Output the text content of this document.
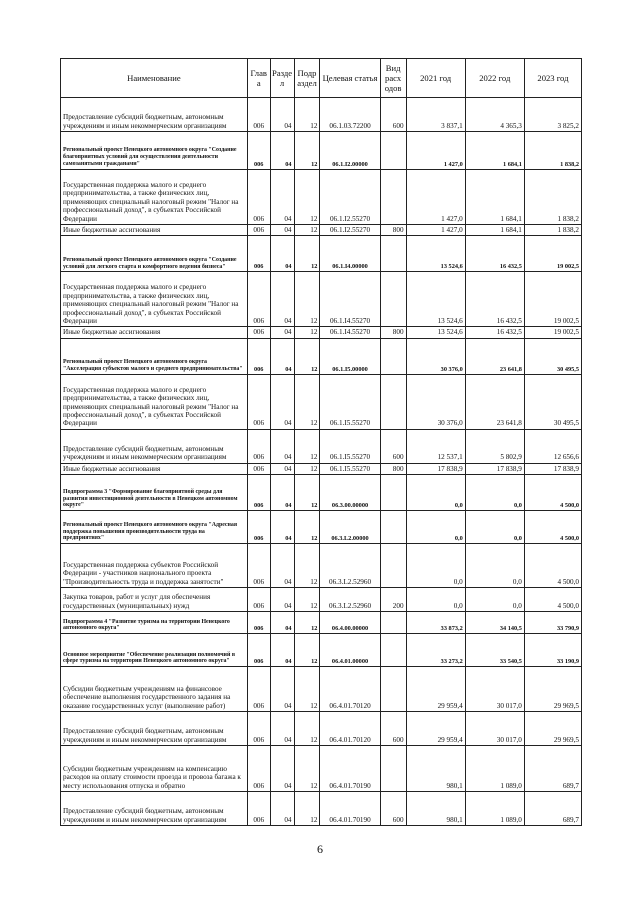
Наименование	Глав а	Разде л	Подр аздел	Целевая статья	Вид расх одов	2021 год	2022 год	2023 год
Предоставление субсидий бюджетным, автономным учреждениям и иным некоммерческим организациям	006	04	12	06.1.03.72200	600	3 837,1	4 365,3	3 825,2
Региональный проект Ненецкого автономного округа "Создание благоприятных условий для осуществления деятельности самозанятыми гражданами"	006	04	12	06.1.I2.00000		1 427,0	1 684,1	1 838,2
Государственная поддержка малого и среднего предпринимательства, а также физических лиц, применяющих специальный налоговый режим "Налог на профессиональный доход", в субъектах Российской Федерации	006	04	12	06.1.I2.55270		1 427,0	1 684,1	1 838,2
Иные бюджетные ассигнования	006	04	12	06.1.I2.55270	800	1 427,0	1 684,1	1 838,2
Региональный проект Ненецкого автономного округа "Создание условий для легкого старта и комфортного ведения бизнеса"	006	04	12	06.1.I4.00000		13 524,6	16 432,5	19 002,5
Государственная поддержка малого и среднего предпринимательства, а также физических лиц, применяющих специальный налоговый режим "Налог на профессиональный доход", в субъектах Российской Федерации	006	04	12	06.1.I4.55270		13 524,6	16 432,5	19 002,5
Иные бюджетные ассигнования	006	04	12	06.1.I4.55270	800	13 524,6	16 432,5	19 002,5
Региональный проект Ненецкого автономного округа "Акселерация субъектов малого и среднего предпринимательства"	006	04	12	06.1.I5.00000		30 376,0	23 641,8	30 495,5
Государственная поддержка малого и среднего предпринимательства, а также физических лиц, применяющих специальный налоговый режим "Налог на профессиональный доход", в субъектах Российской Федерации	006	04	12	06.1.I5.55270		30 376,0	23 641,8	30 495,5
Предоставление субсидий бюджетным, автономным учреждениям и иным некоммерческим организациям	006	04	12	06.1.I5.55270	600	12 537,1	5 802,9	12 656,6
Иные бюджетные ассигнования	006	04	12	06.1.I5.55270	800	17 838,9	17 838,9	17 838,9
Подпрограмма 3 "Формирование благоприятной среды для развития инвестиционной деятельности в Ненецком автономном округе"	006	04	12	06.3.00.00000		0,0	0,0	4 500,0
Региональный проект Ненецкого автономного округа "Адресная поддержка повышения производительности труда на предприятиях"	006	04	12	06.3.L2.00000		0,0	0,0	4 500,0
Государственная поддержка субъектов Российской Федерации - участников национального проекта "Производительность труда и поддержка занятости"	006	04	12	06.3.L2.52960		0,0	0,0	4 500,0
Закупка товаров, работ и услуг для обеспечения государственных (муниципальных) нужд	006	04	12	06.3.L2.52960	200	0,0	0,0	4 500,0
Подпрограмма 4 "Развитие туризма на территории Ненецкого автономного округа"	006	04	12	06.4.00.00000		33 873,2	34 140,5	33 790,9
Основное мероприятие "Обеспечение реализации полномочий в сфере туризма на территории Ненецкого автономного округа"	006	04	12	06.4.01.00000		33 273,2	33 540,5	33 190,9
Субсидии бюджетным учреждениям на финансовое обеспечение выполнения государственного задания на оказание государственных услуг (выполнение работ)	006	04	12	06.4.01.70120		29 959,4	30 017,0	29 969,5
Предоставление субсидий бюджетным, автономным учреждениям и иным некоммерческим организациям	006	04	12	06.4.01.70120	600	29 959,4	30 017,0	29 969,5
Субсидии бюджетным учреждениям на компенсацию расходов на оплату стоимости проезда и провоза багажа к месту использования отпуска и обратно	006	04	12	06.4.01.70190		980,1	1 089,0	689,7
Предоставление субсидий бюджетным, автономным учреждениям и иным некоммерческим организациям	006	04	12	06.4.01.70190	600	980,1	1 089,0	689,7
6
